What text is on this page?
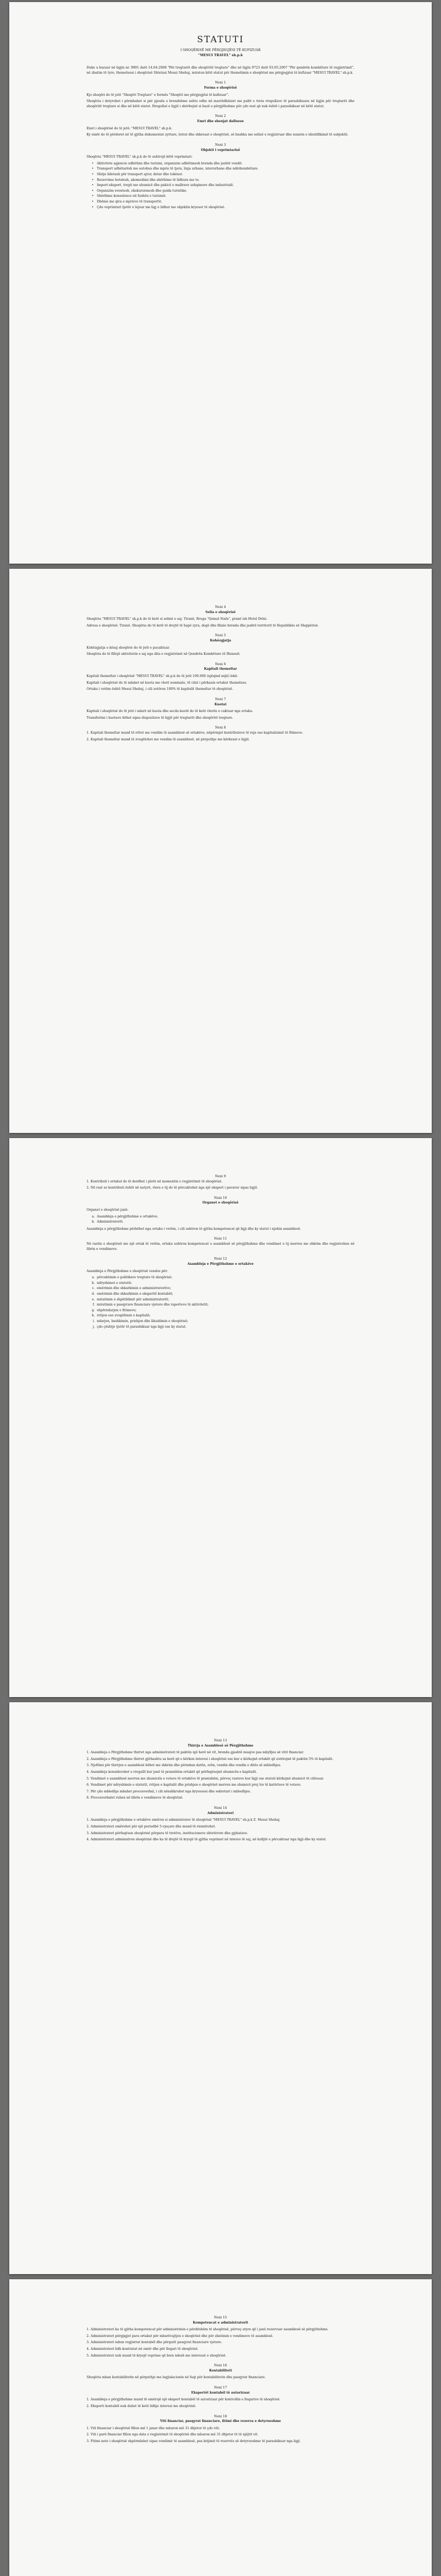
STATUTI

I SHOQËRISË ME PËRGJEGJËSI TË KUFIZUAR

"MESUI TRAVEL" sh.p.k

Duke u bazuar në ligjin nr. 9901 datë 14.04.2008 "Për tregtarët dhe shoqëritë tregtare" dhe në ligjin 9723 datë 03.05.2007 "Për qendrën kombëtare të regjistrimit", në zbatim të tyre, themeluesi i shoqërisë Shtetasi Mesui Shehaj, miraton këtë statut për themelimin e shoqërisë me përgjegjësi të kufizuar "MESUI TRAVEL" sh.p.k.

Neni 1

Forma e shoqërisë

Kjo shoqëri do të jetë "Shoqëri Tregtare" e formës "Shoqëri me përgjegjësi të kufizuar".

Shoqëria i detyrohet i përmbahet si për pjesën e brendshme ashtu edhe në marrëdhëniet me palët e treta rregullave të parashikuara në ligjin për tregtarët dhe shoqëritë tregtare si dhe në këtë statut. Rregullat e ligjit i shërbejnë si bazë e përgjithshme për çdo rast që nuk është i parashikuar në këtë statut.

Neni 2

Emri dhe shenjat dalluese

Emri i shoqërisë do të jetë: "MESUI TRAVEL" sh.p.k.

Ky emër do të përdoret në të gjitha dokumentat zyrtare, letrat dhe shkresat e shoqërisë, së bashku me selinë e regjistruar dhe numrin e identifikimit të subjektit.

Neni 3

Objekti i veprimtarisë

Shoqëria "MESUI TRAVEL" sh.p.k do të ushtrojë këtë veprimtari:

• Aktivitete agjencie udhëtimi dhe turizmi, organizim udhëtimesh brenda dhe jashtë vendit.
• Transport udhëtarësh me autobus dhe mjete të tjera, linja urbane, interurbane dhe ndërkombëtare.
• Shitje biletash për transport ajror, detar dhe tokësor.
• Rezervime hotelesh, akomodimi dhe shërbime të lidhura me to.
• Import-eksport, tregti me shumicë dhe pakicë e mallrave ushqimore dhe industrialë.
• Organizim eventesh, ekskursionesh dhe guida turistike.
• Shërbime konsulence në fushën e turizmit.
• Dhënie me qira e mjeteve të transportit.
• Çdo veprimtari tjetër e lejuar me ligj e lidhur me objektin kryesor të shoqërisë.

Neni 4

Selia e shoqërisë

Shoqëria "MESUI TRAVEL" sh.p.k do të ketë si selinë e saj: Tiranë, Rruga "Qemal Stafa", pranë ish Hotel Drini.

Adresa e shoqërisë: Tiranë. Shoqëria do të ketë të drejtë të hapë zyra, degë dhe filiale brenda dhe jashtë territorit të Republikës së Shqipërisë.

Neni 5

Kohëzgjatja

Kohëzgjatja e kësaj shoqërie do të jetë e pacaktuar.

Shoqëria do të fillojë aktivitetin e saj nga dita e regjistrimit në Qendrën Kombëtare të Biznesit.

Neni 6

Kapitali themeltar

Kapitali themeltar i shoqërisë "MESUI TRAVEL" sh.p.k do të jetë 100.000 (njëqind mijë) lekë.

Kapitali i shoqërisë do të ndahet në kuota me vlerë nominale, të cilat i përkasin ortakut themelues.

Ortaku i vetëm është Mesui Shehaj, i cili zotëron 100% të kapitalit themeltar të shoqërisë.

Neni 7

Kuotat

Kapitali i shoqërisë do të jetë i ndarë në kuota dhe secila kuotë do të ketë vlerën e caktuar nga ortaku.

Transferimi i kuotave bëhet sipas dispozitave të ligjit për tregtarët dhe shoqëritë tregtare.

Neni 8

1. Kapitali themeltar mund të rritet me vendim të asamblesë së ortakëve, nëpërmjet kontributeve të reja ose kapitalizimit të fitimeve.

2. Kapitali themeltar mund të zvogëlohet me vendim të asamblesë, në përputhje me kërkesat e ligjit.

Neni 9

1. Kontributi i ortakut do të derdhet i plotë në momentin e regjistrimit të shoqërisë.

2. Në rast se kontributi është në natyrë, vlera e tij do të përcaktohet nga një ekspert i pavarur sipas ligjit.

Neni 10

Organet e shoqërisë

Organet e shoqërisë janë:

a. Asambleja e përgjithshme e ortakëve;
b. Administratorët.

Asambleja e përgjithshme përbëhet nga ortaku i vetëm, i cili ushtron të gjitha kompetencat që ligji dhe ky statut i njohin asamblesë.

Neni 11

Në rastin e shoqërisë me një ortak të vetëm, ortaku ushtron kompetencat e asamblesë së përgjithshme dhe vendimet e tij merren me shkrim dhe regjistrohen në librin e vendimeve.

Neni 12

Asambleja e Përgjithshme e ortakëve

Asambleja e Përgjithshme e shoqërisë vendos për:

a. përcaktimin e politikave tregtare të shoqërisë;
b. ndryshimet e statutit;
c. emërimin dhe shkarkimin e administratorëve;
d. emërimin dhe shkarkimin e ekspertit kontabël;
e. miratimin e shpërblimit për administratorët;
f. miratimin e pasqyrave financiare vjetore dhe raporteve të aktivitetit;
g. shpërndarjen e fitimeve;
h. rritjen ose zvogëlimin e kapitalit;
i. ndarjen, bashkimin, prishjen dhe likuidimin e shoqërisë;
j. çdo çështje tjetër të parashikuar nga ligji ose ky statut.

Neni 13

Thirrja e Asamblesë së Përgjithshme

1. Asambleja e Përgjithshme thirret nga administratori të paktën një herë në vit, brenda gjashtë muajve pas mbylljes së vitit financiar.

2. Asambleja e Përgjithshme thirret gjithashtu sa herë që e kërkon interesi i shoqërisë ose kur e kërkojnë ortakët që zotërojnë të paktën 5% të kapitalit.

3. Njoftimi për thirrjen e asamblesë bëhet me shkrim dhe përmban datën, orën, vendin dhe rendin e ditës së mbledhjes.

4. Asambleja konsiderohet e rregullt kur janë të pranishëm ortakët që përfaqësojnë shumicën e kapitalit.

5. Vendimet e asamblesë merren me shumicën e votave të ortakëve të pranishëm, përveç rasteve kur ligji ose statuti kërkojnë shumicë të cilësuar.

6. Vendimet për ndryshimin e statutit, rritjen e kapitalit dhe prishjen e shoqërisë merren me shumicë prej tre të katërtave të votave.

7. Për çdo mbledhje mbahet procesverbal, i cili nënshkruhet nga kryesuesi dhe sekretari i mbledhjes.

8. Procesverbalet ruhen në librin e vendimeve të shoqërisë.

Neni 14

Administratori

1. Asambleja e përgjithshme e ortakëve emëron si administrator të shoqërisë "MESUI TRAVEL" sh.p.k Z. Mesui Shehaj.

2. Administratori emërohet për një periudhë 5-vjeçare dhe mund të riemërohet.

3. Administratori përfaqëson shoqërinë përpara të tretëve, institucioneve shtetërore dhe gjykatave.

4. Administratori administron shoqërinë dhe ka të drejtë të kryejë të gjitha veprimet në interes të saj, në kufijtë e përcaktuar nga ligji dhe ky statut.

Neni 15

Kompetencat e administratorit

1. Administratori ka të gjitha kompetencat për administrimin e përditshëm të shoqërisë, përveç atyre që i janë rezervuar asamblesë së përgjithshme.

2. Administratori përgjigjet para ortakut për mbarëvajtjen e shoqërisë dhe për zbatimin e vendimeve të asamblesë.

3. Administratori mban regjistrat kontabël dhe përgatit pasqyrat financiare vjetore.

4. Administratori lidh kontratat në emër dhe për llogari të shoqërisë.

5. Administratori nuk mund të kryejë veprime që bien ndesh me interesat e shoqërisë.

Neni 16

Kontabiliteti

Shoqëria mban kontabilitetin në përputhje me legjislacionin në fuqi për kontabilitetin dhe pasqyrat financiare.

Neni 17

Ekspertët kontabël të autorizuar

1. Asambleja e përgjithshme mund të emërojë një ekspert kontabël të autorizuar për kontrollin e llogarive të shoqërisë.

2. Eksperti kontabël nuk duhet të ketë lidhje interesi me shoqërinë.

Neni 18

Viti financiar, pasqyrat financiare, fitimi dhe rezerva e detyrueshme

1. Viti financiar i shoqërisë fillon më 1 janar dhe mbaron më 31 dhjetor të çdo viti.

2. Viti i parë financiar fillon nga data e regjistrimit të shoqërisë dhe mbaron më 31 dhjetor të të njëjtit vit.

3. Fitimi neto i shoqërisë shpërndahet sipas vendimit të asamblesë, pas krijimit të rezervës së detyrueshme të parashikuar nga ligji.
